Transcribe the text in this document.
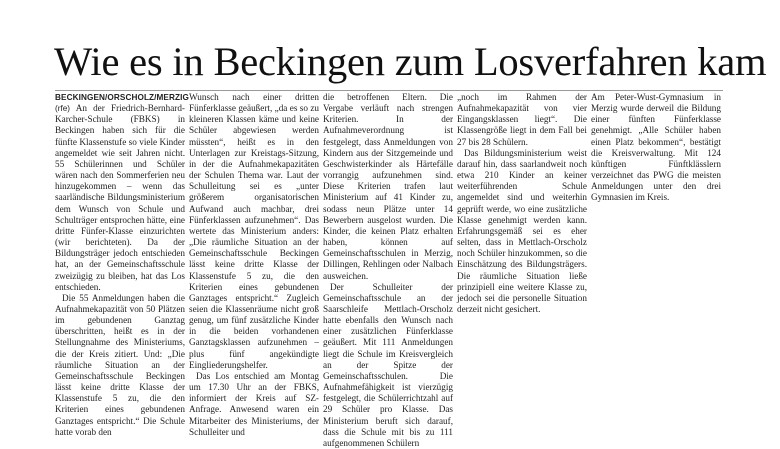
Wie es in Beckingen zum Losverfahren kam

BECKINGEN/ORSCHOLZ/MERZIG (rfe) An der Friedrich-Bernhard-Karcher-Schule (FBKS) in Beckingen haben sich für die fünfte Klassenstufe so viele Kinder angemeldet wie seit Jahren nicht. 55 Schülerinnen und Schüler wären nach den Sommerferien neu hinzugekommen – wenn das saarländische Bildungsministerium dem Wunsch von Schule und Schulträger entsprochen hätte, eine dritte Fünfer-Klasse einzurichten (wir berichteten). Da der Bildungsträger jedoch entschieden hat, an der Gemeinschaftsschule zweizügig zu bleiben, hat das Los entschieden.

Die 55 Anmeldungen haben die Aufnahmekapazität von 50 Plätzen im gebundenen Ganztag überschritten, heißt es in der Stellungnahme des Ministeriums, die der Kreis zitiert. Und: „Die räumliche Situation an der Gemeinschaftsschule Beckingen lässt keine dritte Klasse der Klassenstufe 5 zu, die den Kriterien eines gebundenen Ganztages entspricht.“ Die Schule hatte vorab den

Wunsch nach einer dritten Fünferklasse geäußert, „da es so zu kleineren Klassen käme und keine Schüler abgewiesen werden müssten“, heißt es in den Unterlagen zur Kreistags-Sitzung, in der die Aufnahmekapazitäten der Schulen Thema war. Laut der Schulleitung sei es „unter größerem organisatorischen Aufwand auch machbar, drei Fünferklassen aufzunehmen“. Das wertete das Ministerium anders: „Die räumliche Situation an der Gemeinschaftsschule Beckingen lässt keine dritte Klasse der Klassenstufe 5 zu, die den Kriterien eines gebundenen Ganztages entspricht.“ Zugleich seien die Klassenräume nicht groß genug, um fünf zusätzliche Kinder in die beiden vorhandenen Ganztagsklassen aufzunehmen – plus fünf angekündigte Eingliederungshelfer.

Das Los entschied am Montag um 17.30 Uhr an der FBKS, informiert der Kreis auf SZ-Anfrage. Anwesend waren ein Mitarbeiter des Ministeriums, der Schulleiter und

die betroffenen Eltern. Die Vergabe verläuft nach strengen Kriterien. In der Aufnahmeverordnung ist festgelegt, dass Anmeldungen von Kindern aus der Sitzgemeinde und Geschwisterkinder als Härtefälle vorrangig aufzunehmen sind. Diese Kriterien trafen laut Ministerium auf 41 Kinder zu, sodass neun Plätze unter 14 Bewerbern ausgelost wurden. Die Kinder, die keinen Platz erhalten haben, können auf Gemeinschaftsschulen in Merzig, Dillingen, Rehlingen oder Nalbach ausweichen.

Der Schulleiter der Gemeinschaftsschule an der Saarschleife Mettlach-Orscholz hatte ebenfalls den Wunsch nach einer zusätzlichen Fünferklasse geäußert. Mit 111 Anmeldungen liegt die Schule im Kreisvergleich an der Spitze der Gemeinschaftsschulen. Die Aufnahmefähigkeit ist vierzügig festgelegt, die Schülerrichtzahl auf 29 Schüler pro Klasse. Das Ministerium beruft sich darauf, dass die Schule mit bis zu 111 aufgenommenen Schülern

„noch im Rahmen der Aufnahmekapazität von vier Eingangsklassen liegt“. Die Klassengröße liegt in dem Fall bei 27 bis 28 Schülern.

Das Bildungsministerium weist darauf hin, dass saarlandweit noch etwa 210 Kinder an keiner weiterführenden Schule angemeldet sind und weiterhin geprüft werde, wo eine zusätzliche Klasse genehmigt werden kann. Erfahrungsgemäß sei es eher selten, dass in Mettlach-Orscholz noch Schüler hinzukommen, so die Einschätzung des Bildungsträgers. Die räumliche Situation ließe prinzipiell eine weitere Klasse zu, jedoch sei die personelle Situation derzeit nicht gesichert.

Am Peter-Wust-Gymnasium in Merzig wurde derweil die Bildung einer fünften Fünferklasse genehmigt. „Alle Schüler haben einen Platz bekommen“, bestätigt die Kreisverwaltung. Mit 124 künftigen Fünftklässlern verzeichnet das PWG die meisten Anmeldungen unter den drei Gymnasien im Kreis.
